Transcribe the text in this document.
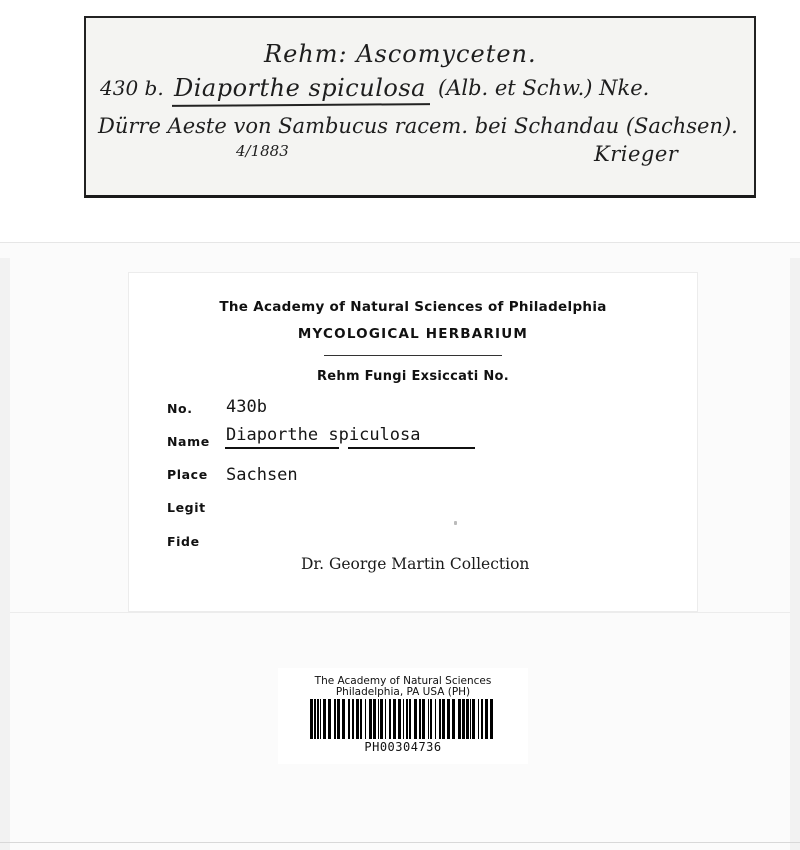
Rehm: Ascomyceten.
430 b. Diaporthe spiculosa (Alb. et Schw.) Nke.
Dürre Aeste von Sambucus racem. bei Schandau (Sachsen).
4/1883	Krieger
The Academy of Natural Sciences of Philadelphia
MYCOLOGICAL HERBARIUM
Rehm Fungi Exsiccati No.
No. 430b
Name Diaporthe spiculosa
Place Sachsen
Legit
Fide
Dr. George Martin Collection
The Academy of Natural Sciences
Philadelphia, PA USA (PH)
PH00304736
